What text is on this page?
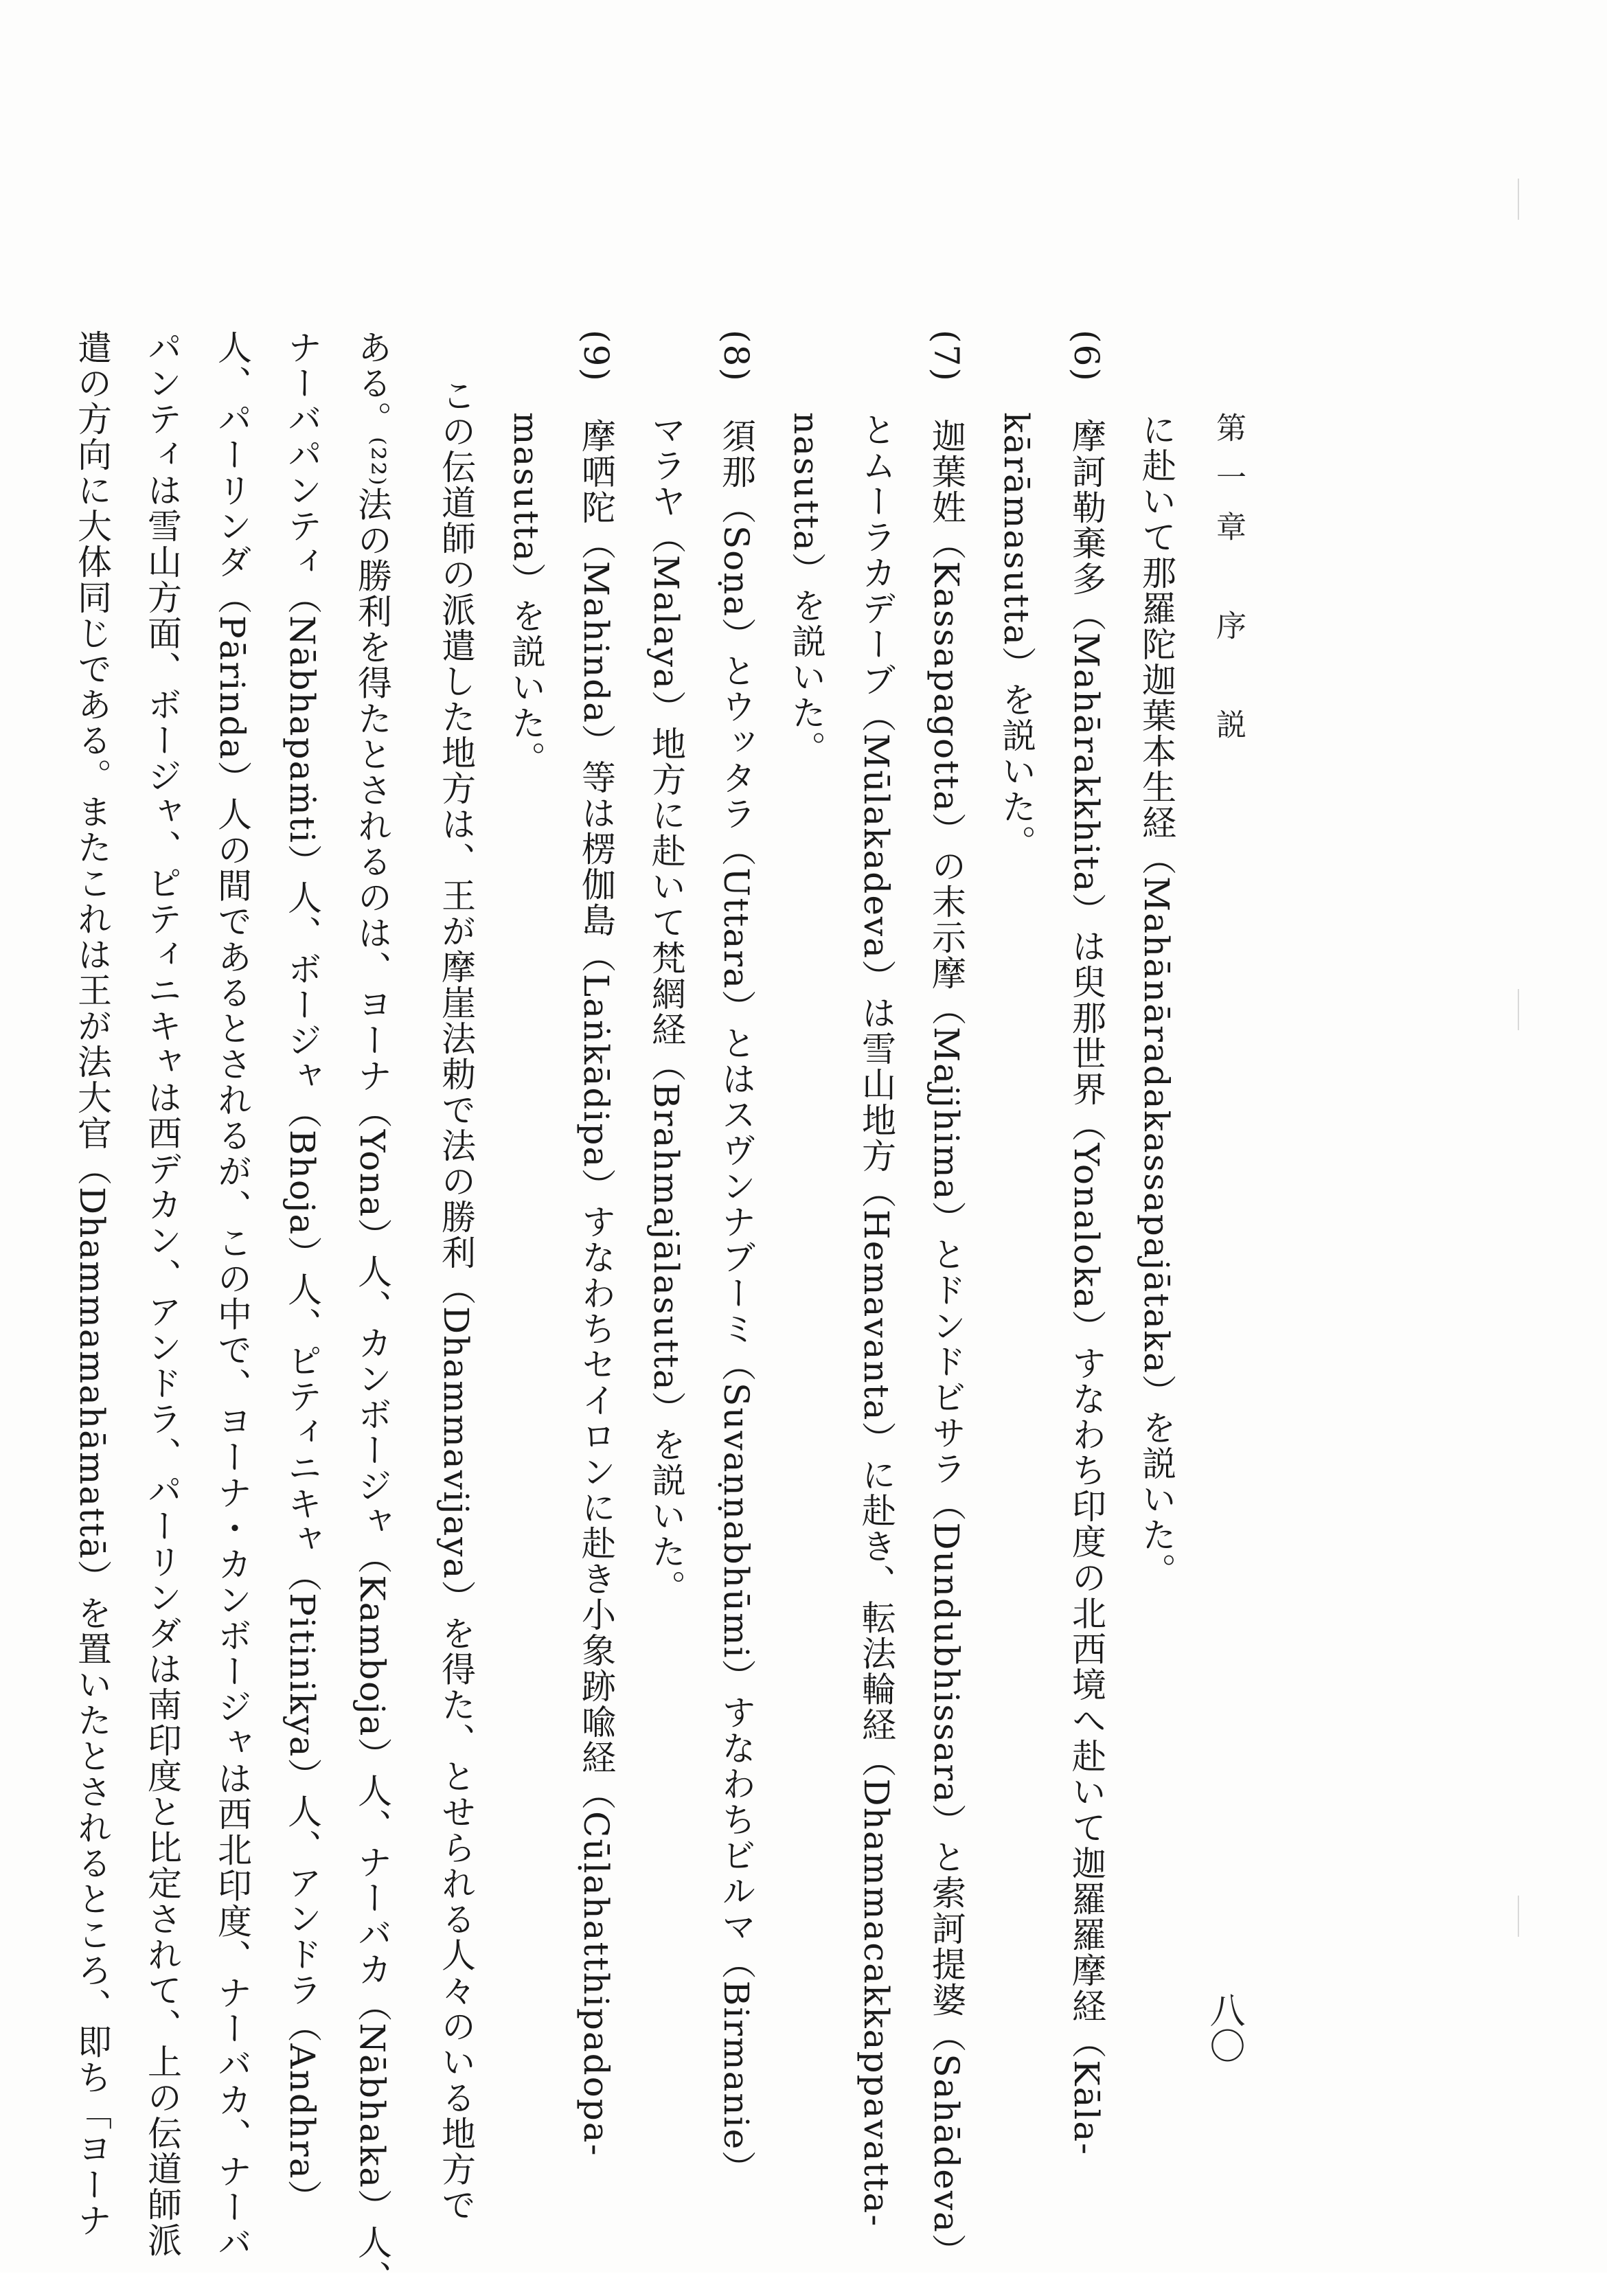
第一章　序　説
八〇
に赴いて那羅陀迦葉本生経（Mahānāradakassapajātaka）を説いた。
(6)　摩訶勒棄多（Mahārakkhita）は臾那世界（Yonaloka）すなわち印度の北西境へ赴いて迦羅羅摩経（Kāla-
kārāmasutta）を説いた。
(7)　迦葉姓（Kassapagotta）の末示摩（Majjhima）とドンドビサラ（Dundubhissara）と索訶提婆（Sahādeva）
とムーラカデーブ（Mūlakadeva）は雪山地方（Hemavanta）に赴き、転法輪経（Dhammacakkappavatta-
nasutta）を説いた。
(8)　須那（Soṇa）とウッタラ（Uttara）とはスヴンナブーミ（Suvaṇṇabhūmi）すなわちビルマ（Birmanie）
マラヤ（Malaya）地方に赴いて梵網経（Brahmajālasutta）を説いた。
(9)　摩哂陀（Mahinda）等は楞伽島（Laṅkādipa）すなわちセイロンに赴き小象跡喩経（Cūḷahatthipadopa-
masutta）を説いた。
この伝道師の派遣した地方は、王が摩崖法勅で法の勝利（Dhammavijaya）を得た、とせられる人々のいる地方で
ある。⁽²²⁾法の勝利を得たとされるのは、ヨーナ（Yona）人、カンボージャ（Kamboja）人、ナーバカ（Nābhaka）人、
ナーバパンティ（Nābhapaṁti）人、ボージャ（Bhoja）人、ピティニキャ（Pitinikya）人、アンドラ（Andhra）
人、パーリンダ（Pārinda）人の間であるとされるが、この中で、ヨーナ・カンボージャは西北印度、ナーバカ、ナーバ
パンティは雪山方面、ボージャ、ピティニキャは西デカン、アンドラ、パーリンダは南印度と比定されて、上の伝道師派
遣の方向に大体同じである。またこれは王が法大官（Dhammamahāmattā）を置いたとされるところ、即ち「ヨーナ
